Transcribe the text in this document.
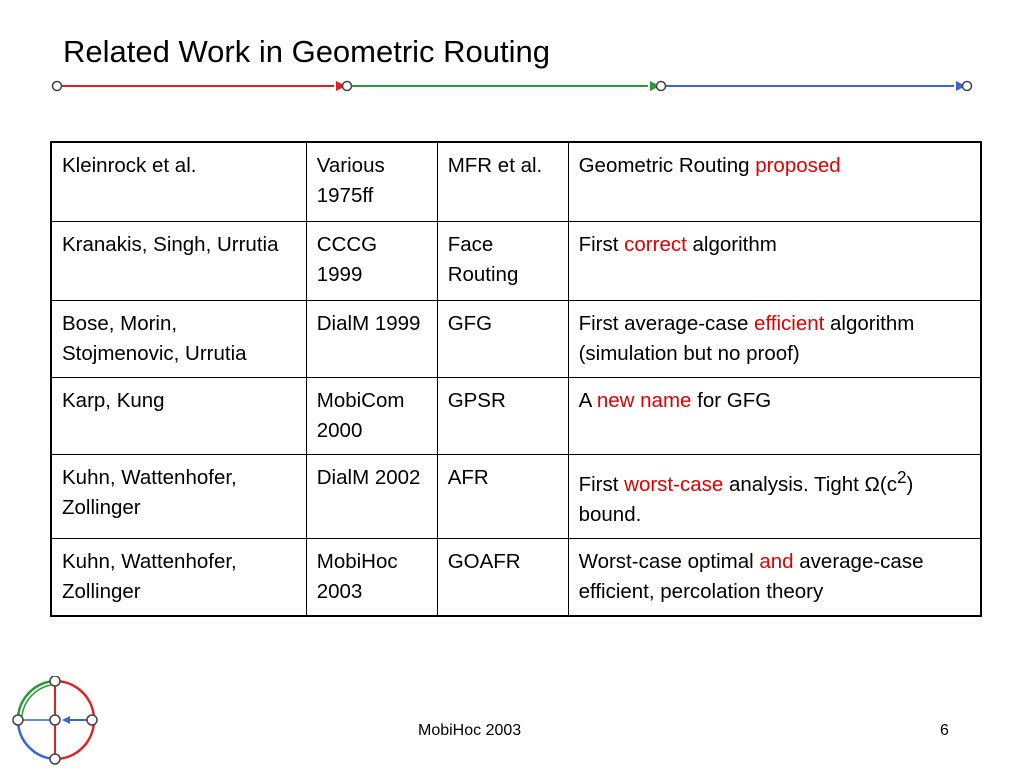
Related Work in Geometric Routing
Kleinrock et al.	Various 1975ff	MFR et al.	Geometric Routing proposed
Kranakis, Singh, Urrutia	CCCG 1999	Face Routing	First correct algorithm
Bose, Morin, Stojmenovic, Urrutia	DialM 1999	GFG	First average-case efficient algorithm (simulation but no proof)
Karp, Kung	MobiCom 2000	GPSR	A new name for GFG
Kuhn, Wattenhofer, Zollinger	DialM 2002	AFR	First worst-case analysis. Tight $\Omega(c^2)$ bound.
Kuhn, Wattenhofer, Zollinger	MobiHoc 2003	GOAFR	Worst-case optimal and average-case efficient, percolation theory
MobiHoc 2003	6
